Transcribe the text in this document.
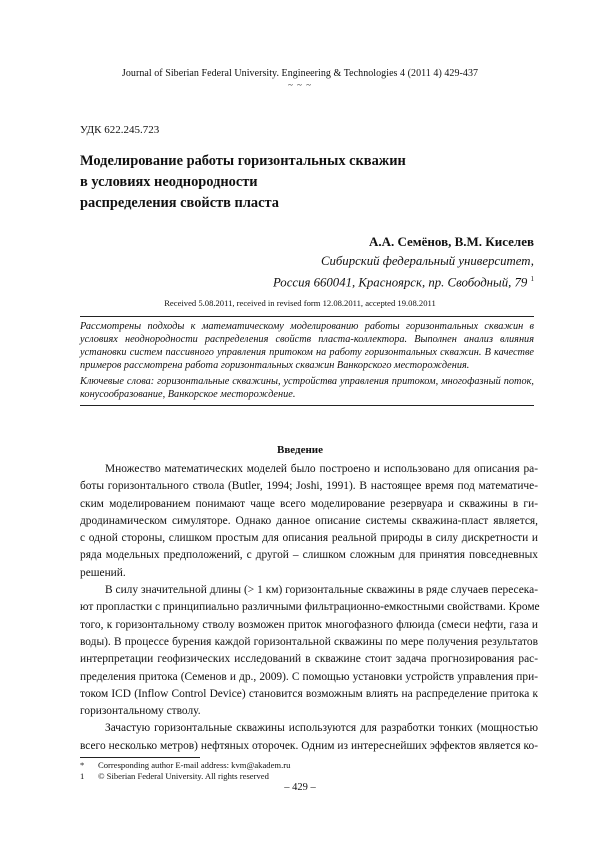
Journal of Siberian Federal University. Engineering & Technologies 4 (2011 4) 429-437
~ ~ ~
УДК 622.245.723
Моделирование работы горизонтальных скважин
в условиях неоднородности
распределения свойств пласта
А.А. Семёнов, В.М. Киселев
Сибирский федеральный университет,
Россия 660041, Красноярск, пр. Свободный, 79 $^1$
Received 5.08.2011, received in revised form 12.08.2011, accepted 19.08.2011
Рассмотрены подходы к математическому моделированию работы горизонтальных скважин в условиях неоднородности распределения свойств пласта-коллектора. Выполнен анализ влияния установки систем пассивного управления притоком на работу горизонтальных скважин. В качестве примеров рассмотрена работа горизонтальных скважин Ванкорского месторождения.
Ключевые слова: горизонтальные скважины, устройства управления притоком, многофазный поток, конусообразование, Ванкорское месторождение.
Введение
Множество математических моделей было построено и использовано для описания ра-
боты горизонтального ствола (Butler, 1994; Joshi, 1991). В настоящее время под математиче-
ским моделированием понимают чаще всего моделирование резервуара и скважины в ги-
дродинамическом симуляторе. Однако данное описание системы скважина-пласт является,
с одной стороны, слишком простым для описания реальной природы в силу дискретности и
ряда модельных предположений, с другой – слишком сложным для принятия повседневных
решений.
В силу значительной длины (> 1 км) горизонтальные скважины в ряде случаев пересека-
ют пропластки с принципиально различными фильтрационно-емкостными свойствами. Кроме
того, к горизонтальному стволу возможен приток многофазного флюида (смеси нефти, газа и
воды). В процессе бурения каждой горизонтальной скважины по мере получения результатов
интерпретации геофизических исследований в скважине стоит задача прогнозирования рас-
пределения притока (Семенов и др., 2009). С помощью установки устройств управления при-
током ICD (Inflow Control Device) становится возможным влиять на распределение притока к
горизонтальному стволу.
Зачастую горизонтальные скважины используются для разработки тонких (мощностью
всего несколько метров) нефтяных оторочек. Одним из интереснейших эффектов является ко-
*	Corresponding author E-mail address: kvm@akadem.ru
1	© Siberian Federal University. All rights reserved
– 429 –
